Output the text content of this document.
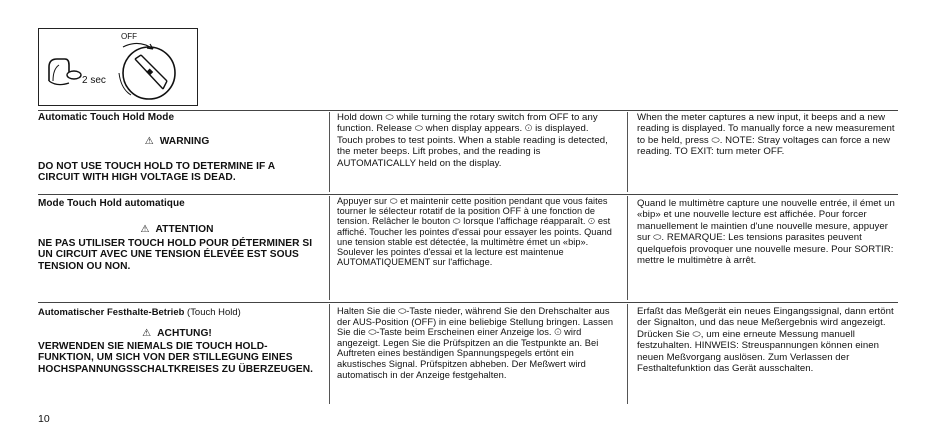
OFF
2 sec
Automatic Touch Hold Mode
⚠ WARNING
DO NOT USE TOUCH HOLD TO DETERMINE IF A CIRCUIT WITH HIGH VOLTAGE IS DEAD.
Hold down ⬭ while turning the rotary switch from OFF to any function. Release ⬭ when display appears. ⊙ is displayed. Touch probes to test points. When a stable reading is detected, the meter beeps. Lift probes, and the reading is AUTOMATICALLY held on the display.
When the meter captures a new input, it beeps and a new reading is displayed. To manually force a new measurement to be held, press ⬭. NOTE: Stray voltages can force a new reading. TO EXIT: turn meter OFF.
Mode Touch Hold automatique
⚠ ATTENTION
NE PAS UTILISER TOUCH HOLD POUR DÉTERMINER SI UN CIRCUIT AVEC UNE TENSION ÉLEVÉE EST SOUS TENSION OU NON.
Appuyer sur ⬭ et maintenir cette position pendant que vous faites tourner le sélecteur rotatif de la position OFF à une fonction de tension. Relâcher le bouton ⬭ lorsque l'affichage réapparaît. ⊙ est affiché. Toucher les pointes d'essai pour essayer les points. Quand une tension stable est détectée, la multimètre émet un «bip». Soulever les pointes d'essai et la lecture est maintenue AUTOMATIQUEMENT sur l'affichage.
Quand le multimètre capture une nouvelle entrée, il émet un «bip» et une nouvelle lecture est affichée. Pour forcer manuellement le maintien d'une nouvelle mesure, appuyer sur ⬭. REMARQUE: Les tensions parasites peuvent quelquefois provoquer une nouvelle mesure. Pour SORTIR: mettre le multimètre à arrêt.
Automatischer Festhalte-Betrieb (Touch Hold)
⚠ ACHTUNG!
VERWENDEN SIE NIEMALS DIE TOUCH HOLD-FUNKTION, UM SICH VON DER STILLEGUNG EINES HOCHSPANNUNGSSCHALTKREISES ZU ÜBERZEUGEN.
Halten Sie die ⬭-Taste nieder, während Sie den Drehschalter aus der AUS-Position (OFF) in eine beliebige Stellung bringen. Lassen Sie die ⬭-Taste beim Erscheinen einer Anzeige los. ⊙ wird angezeigt. Legen Sie die Prüfspitzen an die Testpunkte an. Bei Auftreten eines beständigen Spannungspegels ertönt ein akustisches Signal. Prüfspitzen abheben. Der Meßwert wird automatisch in der Anzeige festgehalten.
Erfaßt das Meßgerät ein neues Eingangssignal, dann ertönt der Signalton, und das neue Meßergebnis wird angezeigt. Drücken Sie ⬭, um eine erneute Messung manuell festzuhalten. HINWEIS: Streuspannungen können einen neuen Meßvorgang auslösen. Zum Verlassen der Festhaltefunktion das Gerät ausschalten.
10
